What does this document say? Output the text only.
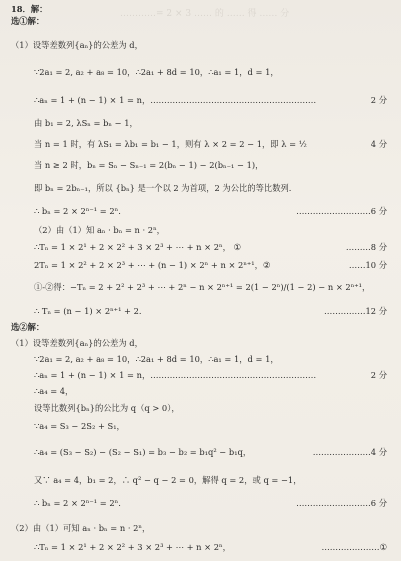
…………= 2 × 3 …… 的 …… 得 …… 分
18．解：
选①解：
（1）设等差数列{aₙ}的公差为 d，
∵2a₁ = 2, a₂ + a₈ = 10，∴2a₁ + 8d = 10，∴a₁ = 1，d = 1，
∴aₙ = 1 + (n − 1) × 1 = n，……………………………………………………
由 b₁ = 2, λSₙ = bₙ − 1，
当 n = 1 时，有 λS₁ = λb₁ = b₁ − 1，则有 λ × 2 = 2 − 1，即 λ = ½
当 n ≥ 2 时，bₙ = Sₙ − Sₙ₋₁ = 2(bₙ − 1) − 2(bₙ₋₁ − 1)，
即 bₙ = 2bₙ₋₁，所以 {bₙ} 是一个以 2 为首项，2 为公比的等比数列.
∴ bₙ = 2 × 2ⁿ⁻¹ = 2ⁿ.
（2）由（1）知 aₙ · bₙ = n · 2ⁿ，
∴Tₙ = 1 × 2¹ + 2 × 2² + 3 × 2³ + ⋯ + n × 2ⁿ， ①
2Tₙ = 1 × 2² + 2 × 2³ + ⋯ + (n − 1) × 2ⁿ + n × 2ⁿ⁺¹，②
①-②得：−Tₙ = 2 + 2² + 2³ + ⋯ + 2ⁿ − n × 2ⁿ⁺¹ = 2(1 − 2ⁿ)/(1 − 2) − n × 2ⁿ⁺¹，
∴ Tₙ = (n − 1) × 2ⁿ⁺¹ + 2.
选②解：
（1）设等差数列{aₙ}的公差为 d，
∵2a₁ = 2, a₂ + a₈ = 10，∴2a₁ + 8d = 10，∴a₁ = 1，d = 1，
∴aₙ = 1 + (n − 1) × 1 = n，……………………………………………………
∴a₄ = 4，
设等比数列{bₙ}的公比为 q（q > 0），
∵a₄ = S₃ − 2S₂ + S₁，
∴a₄ = (S₃ − S₂) − (S₂ − S₁) = b₃ − b₂ = b₁q² − b₁q，
又∵ a₄ = 4，b₁ = 2，∴ q² − q − 2 = 0，解得 q = 2，或 q = −1，
∴ bₙ = 2 × 2ⁿ⁻¹ = 2ⁿ.
（2）由（1）可知 aₙ · bₙ = n · 2ⁿ，
∴Tₙ = 1 × 2¹ + 2 × 2² + 3 × 2³ + ⋯ + n × 2ⁿ，
2 分
4 分
………………………6 分
………8 分
……10 分
……………12 分
2 分
…………………4 分
………………………6 分
…………………①
